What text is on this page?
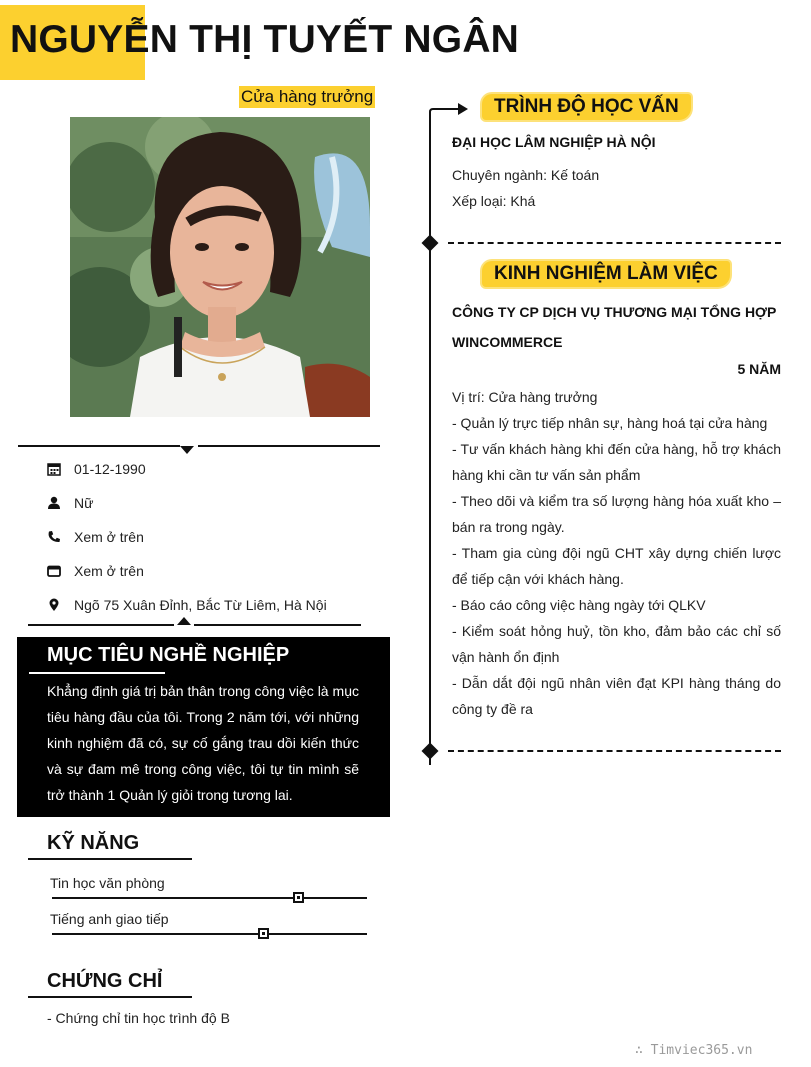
NGUYỄN THỊ TUYẾT NGÂN
Cửa hàng trưởng
01-12-1990
Nữ
Xem ở trên
Xem ở trên
Ngõ 75 Xuân Đỉnh, Bắc Từ Liêm, Hà Nội
MỤC TIÊU NGHỀ NGHIỆP
Khẳng định giá trị bản thân trong công việc là mục tiêu hàng đầu của tôi. Trong 2 năm tới, với những kinh nghiệm đã có, sự cố gắng trau dồi kiến thức và sự đam mê trong công việc, tôi tự tin mình sẽ trở thành 1 Quản lý giỏi trong tương lai.
KỸ NĂNG
Tin học văn phòng
Tiếng anh giao tiếp
CHỨNG CHỈ
- Chứng chỉ tin học trình độ B
TRÌNH ĐỘ HỌC VẤN
ĐẠI HỌC LÂM NGHIỆP HÀ NỘI
Chuyên ngành: Kế toán
Xếp loại: Khá
KINH NGHIỆM LÀM VIỆC
CÔNG TY CP DỊCH VỤ THƯƠNG MẠI TỔNG HỢP WINCOMMERCE
5 NĂM
Vị trí: Cửa hàng trưởng
- Quản lý trực tiếp nhân sự, hàng hoá tại cửa hàng
- Tư vấn khách hàng khi đến cửa hàng, hỗ trợ khách hàng khi cần tư vấn sản phẩm
- Theo dõi và kiểm tra số lượng hàng hóa xuất kho – bán ra trong ngày.
- Tham gia cùng đội ngũ CHT xây dựng chiến lược để tiếp cận với khách hàng.
- Báo cáo công việc hàng ngày tới QLKV
- Kiểm soát hỏng huỷ, tồn kho, đảm bảo các chỉ số vận hành ổn định
- Dẫn dắt đội ngũ nhân viên đạt KPI hàng tháng do công ty đề ra
∴ Timviec365.vn
